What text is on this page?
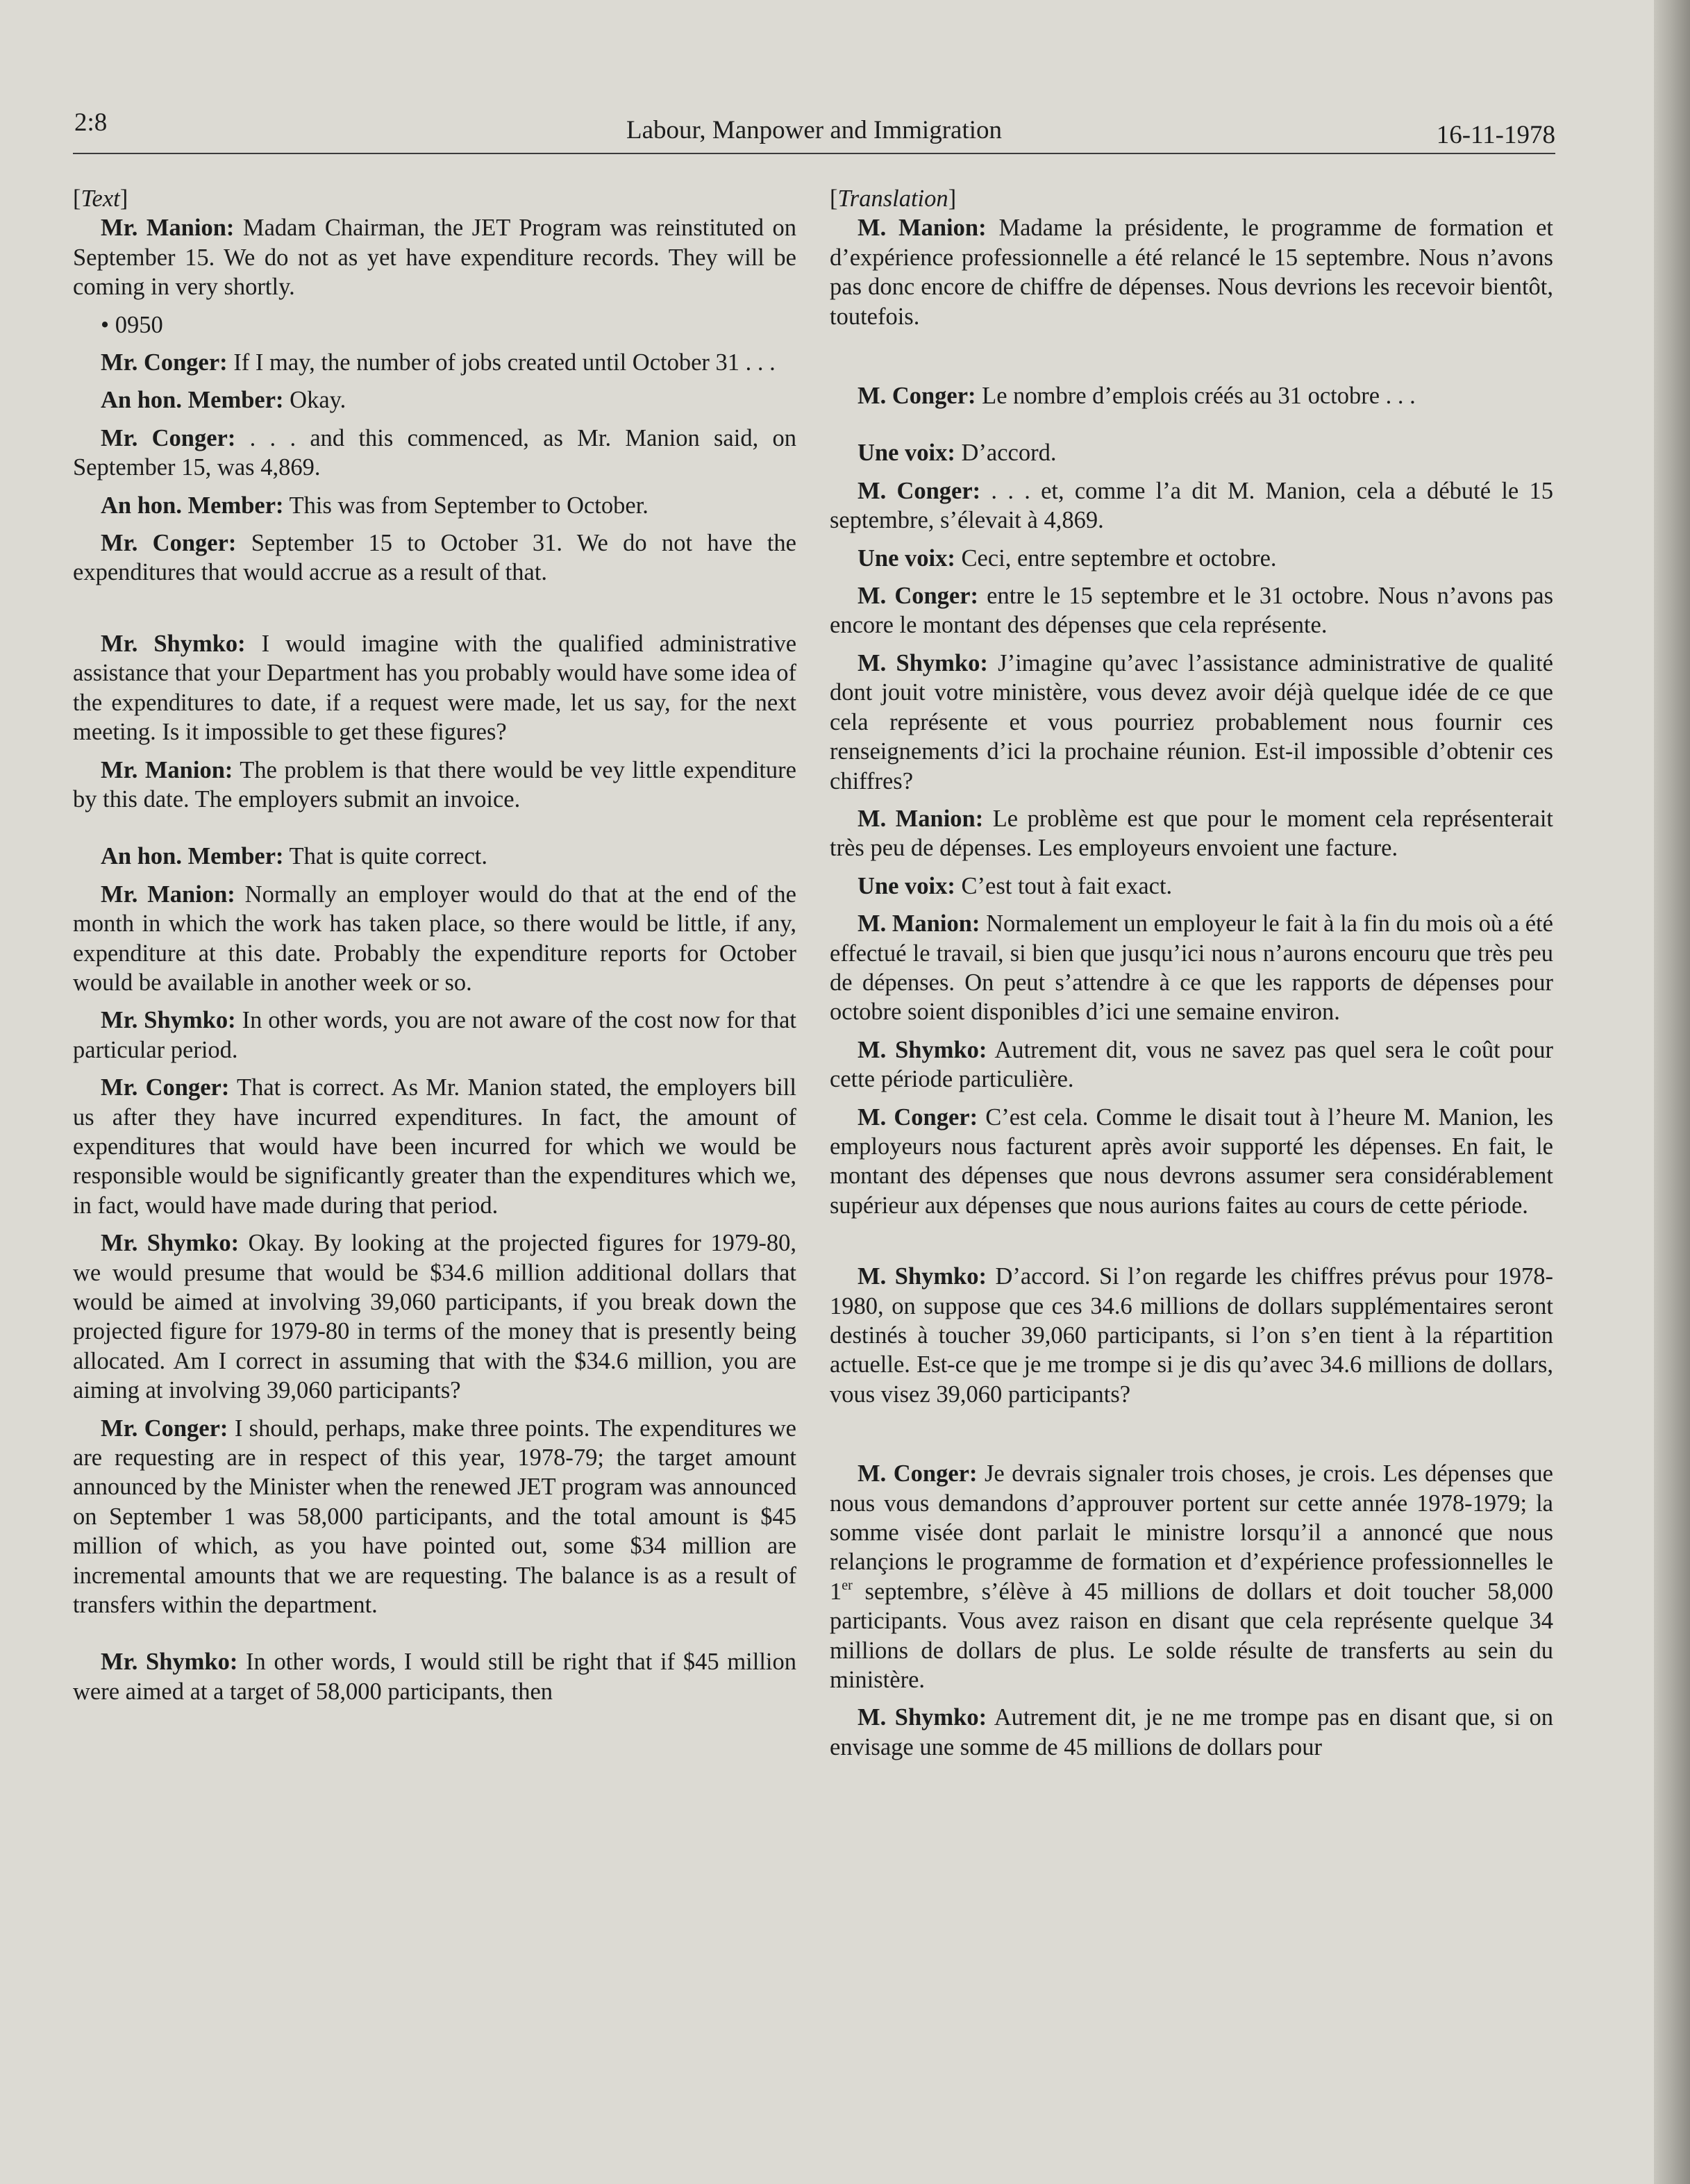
2:8	Labour, Manpower and Immigration	16-11-1978

[Text]

Mr. Manion: Madam Chairman, the JET Program was reinstituted on September 15. We do not as yet have expenditure records. They will be coming in very shortly.

• 0950

Mr. Conger: If I may, the number of jobs created until October 31 . . .

An hon. Member: Okay.

Mr. Conger: . . . and this commenced, as Mr. Manion said, on September 15, was 4,869.

An hon. Member: This was from September to October.

Mr. Conger: September 15 to October 31. We do not have the expenditures that would accrue as a result of that.

Mr. Shymko: I would imagine with the qualified administrative assistance that your Department has you probably would have some idea of the expenditures to date, if a request were made, let us say, for the next meeting. Is it impossible to get these figures?

Mr. Manion: The problem is that there would be vey little expenditure by this date. The employers submit an invoice.

An hon. Member: That is quite correct.

Mr. Manion: Normally an employer would do that at the end of the month in which the work has taken place, so there would be little, if any, expenditure at this date. Probably the expenditure reports for October would be available in another week or so.

Mr. Shymko: In other words, you are not aware of the cost now for that particular period.

Mr. Conger: That is correct. As Mr. Manion stated, the employers bill us after they have incurred expenditures. In fact, the amount of expenditures that would have been incurred for which we would be responsible would be significantly greater than the expenditures which we, in fact, would have made during that period.

Mr. Shymko: Okay. By looking at the projected figures for 1979-80, we would presume that would be $34.6 million additional dollars that would be aimed at involving 39,060 participants, if you break down the projected figure for 1979-80 in terms of the money that is presently being allocated. Am I correct in assuming that with the $34.6 million, you are aiming at involving 39,060 participants?

Mr. Conger: I should, perhaps, make three points. The expenditures we are requesting are in respect of this year, 1978-79; the target amount announced by the Minister when the renewed JET program was announced on September 1 was 58,000 participants, and the total amount is $45 million of which, as you have pointed out, some $34 million are incremental amounts that we are requesting. The balance is as a result of transfers within the department.

Mr. Shymko: In other words, I would still be right that if $45 million were aimed at a target of 58,000 participants, then

[Translation]

M. Manion: Madame la présidente, le programme de formation et d’expérience professionnelle a été relancé le 15 septembre. Nous n’avons pas donc encore de chiffre de dépenses. Nous devrions les recevoir bientôt, toutefois.

M. Conger: Le nombre d’emplois créés au 31 octobre . . .

Une voix: D’accord.

M. Conger: . . . et, comme l’a dit M. Manion, cela a débuté le 15 septembre, s’élevait à 4,869.

Une voix: Ceci, entre septembre et octobre.

M. Conger: entre le 15 septembre et le 31 octobre. Nous n’avons pas encore le montant des dépenses que cela représente.

M. Shymko: J’imagine qu’avec l’assistance administrative de qualité dont jouit votre ministère, vous devez avoir déjà quelque idée de ce que cela représente et vous pourriez probablement nous fournir ces renseignements d’ici la prochaine réunion. Est-il impossible d’obtenir ces chiffres?

M. Manion: Le problème est que pour le moment cela représenterait très peu de dépenses. Les employeurs envoient une facture.

Une voix: C’est tout à fait exact.

M. Manion: Normalement un employeur le fait à la fin du mois où a été effectué le travail, si bien que jusqu’ici nous n’aurons encouru que très peu de dépenses. On peut s’attendre à ce que les rapports de dépenses pour octobre soient disponibles d’ici une semaine environ.

M. Shymko: Autrement dit, vous ne savez pas quel sera le coût pour cette période particulière.

M. Conger: C’est cela. Comme le disait tout à l’heure M. Manion, les employeurs nous facturent après avoir supporté les dépenses. En fait, le montant des dépenses que nous devrons assumer sera considérablement supérieur aux dépenses que nous aurions faites au cours de cette période.

M. Shymko: D’accord. Si l’on regarde les chiffres prévus pour 1978-1980, on suppose que ces 34.6 millions de dollars supplémentaires seront destinés à toucher 39,060 participants, si l’on s’en tient à la répartition actuelle. Est-ce que je me trompe si je dis qu’avec 34.6 millions de dollars, vous visez 39,060 participants?

M. Conger: Je devrais signaler trois choses, je crois. Les dépenses que nous vous demandons d’approuver portent sur cette année 1978-1979; la somme visée dont parlait le ministre lorsqu’il a annoncé que nous relançions le programme de formation et d’expérience professionnelles le 1er septembre, s’élève à 45 millions de dollars et doit toucher 58,000 participants. Vous avez raison en disant que cela représente quelque 34 millions de dollars de plus. Le solde résulte de transferts au sein du ministère.

M. Shymko: Autrement dit, je ne me trompe pas en disant que, si on envisage une somme de 45 millions de dollars pour
